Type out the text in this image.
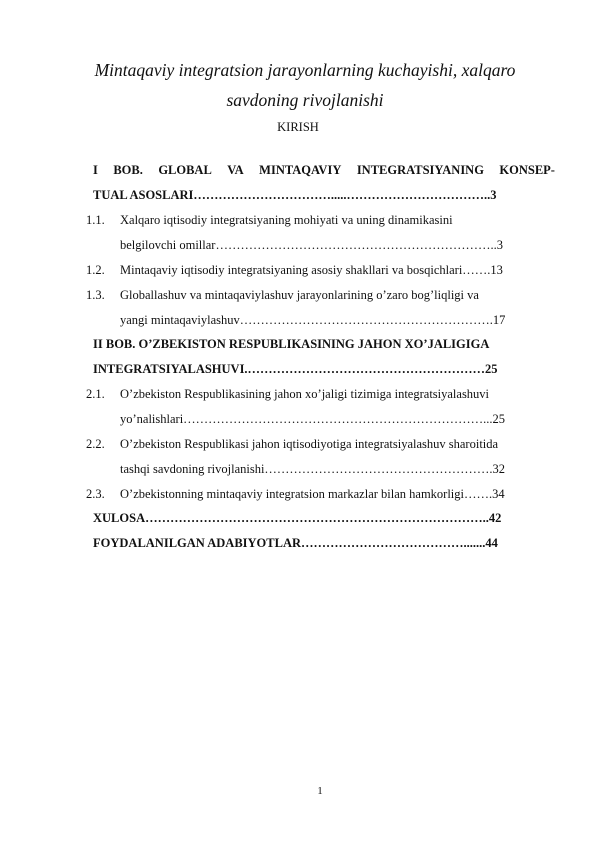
Mintaqaviy integratsion jarayonlarning kuchayishi, xalqaro
savdoning rivojlanishi
KIRISH
I BOB. GLOBAL VA MINTAQAVIY INTEGRATSIYANING KONSEP-
TUAL ASOSLARI…………………………….....……………………………..3
1.1. Xalqaro iqtisodiy integratsiyaning mohiyati va uning dinamikasini
belgilovchi omillar…………………………………………………………..3
1.2. Mintaqaviy iqtisodiy integratsiyaning asosiy shakllari va bosqichlari…….13
1.3. Globallashuv va mintaqaviylashuv jarayonlarining o’zaro bog’liqligi va
yangi mintaqaviylashuv…………………………………………………….17
II BOB. O’ZBEKISTON RESPUBLIKASINING JAHON XO’JALIGIGA
INTEGRATSIYALASHUVI.…………………………………………………25
2.1. O’zbekiston Respublikasining jahon xo’jaligi tizimiga integratsiyalashuvi
yo’nalishlari………………………………………………………………...25
2.2. O’zbekiston Respublikasi jahon iqtisodiyotiga integratsiyalashuv sharoitida
tashqi savdoning rivojlanishi……………………………………………….32
2.3. O’zbekistonning mintaqaviy integratsion markazlar bilan hamkorligi…….34
XULOSA………………………………………………………………………..42
FOYDALANILGAN ADABIYOTLAR………………………………….......44
1
